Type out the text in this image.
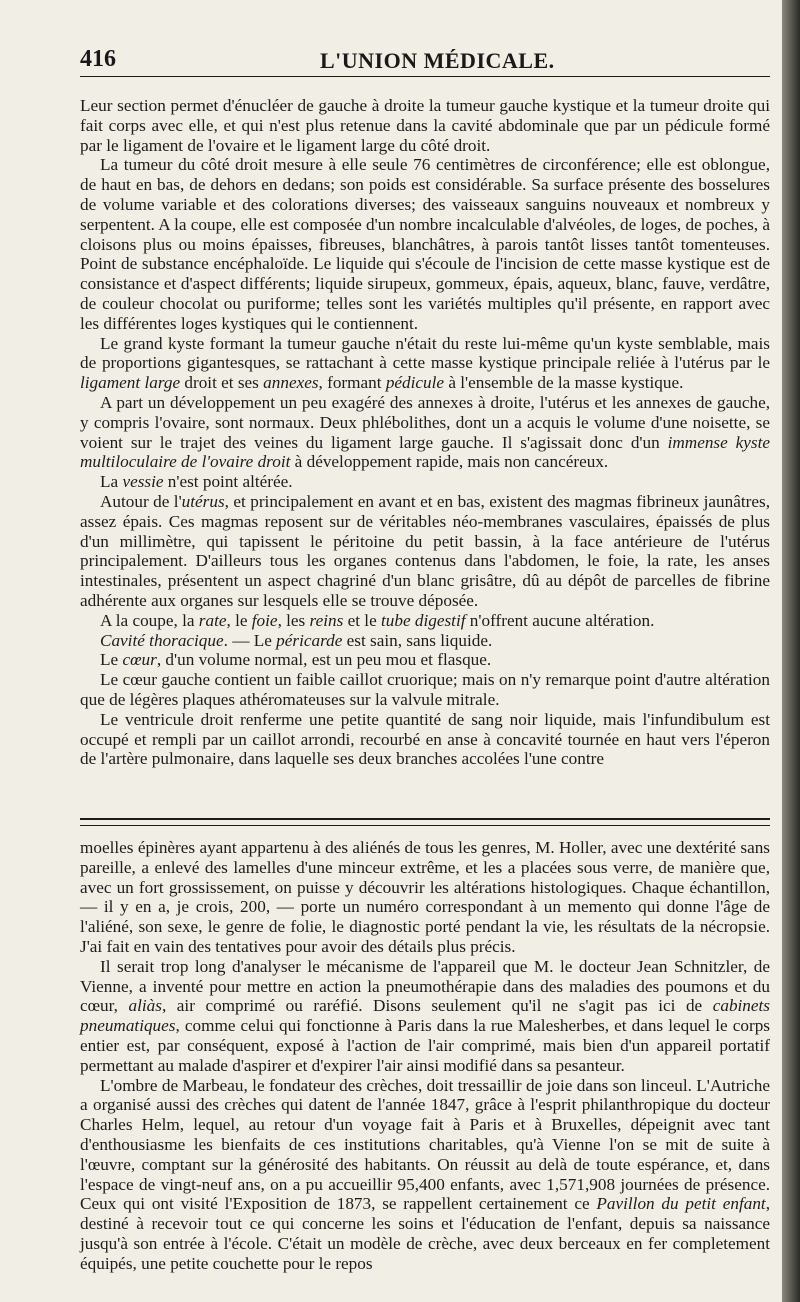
416	L'UNION MÉDICALE.

Leur section permet d'énucléer de gauche à droite la tumeur gauche kystique et la tumeur droite qui fait corps avec elle, et qui n'est plus retenue dans la cavité abdominale que par un pédicule formé par le ligament de l'ovaire et le ligament large du côté droit.

La tumeur du côté droit mesure à elle seule 76 centimètres de circonférence; elle est oblongue, de haut en bas, de dehors en dedans; son poids est considérable. Sa surface présente des bosselures de volume variable et des colorations diverses; des vaisseaux sanguins nouveaux et nombreux y serpentent. A la coupe, elle est composée d'un nombre incalculable d'alvéoles, de loges, de poches, à cloisons plus ou moins épaisses, fibreuses, blanchâtres, à parois tantôt lisses tantôt tomenteuses. Point de substance encéphaloïde. Le liquide qui s'écoule de l'incision de cette masse kystique est de consistance et d'aspect différents; liquide sirupeux, gommeux, épais, aqueux, blanc, fauve, verdâtre, de couleur chocolat ou puriforme; telles sont les variétés multiples qu'il présente, en rapport avec les différentes loges kystiques qui le contiennent.

Le grand kyste formant la tumeur gauche n'était du reste lui-même qu'un kyste semblable, mais de proportions gigantesques, se rattachant à cette masse kystique principale reliée à l'utérus par le ligament large droit et ses annexes, formant pédicule à l'ensemble de la masse kystique.

A part un développement un peu exagéré des annexes à droite, l'utérus et les annexes de gauche, y compris l'ovaire, sont normaux. Deux phlébolithes, dont un a acquis le volume d'une noisette, se voient sur le trajet des veines du ligament large gauche. Il s'agissait donc d'un immense kyste multiloculaire de l'ovaire droit à développement rapide, mais non cancéreux.

La vessie n'est point altérée.

Autour de l'utérus, et principalement en avant et en bas, existent des magmas fibrineux jaunâtres, assez épais. Ces magmas reposent sur de véritables néo-membranes vasculaires, épaissés de plus d'un millimètre, qui tapissent le péritoine du petit bassin, à la face antérieure de l'utérus principalement. D'ailleurs tous les organes contenus dans l'abdomen, le foie, la rate, les anses intestinales, présentent un aspect chagriné d'un blanc grisâtre, dû au dépôt de parcelles de fibrine adhérente aux organes sur lesquels elle se trouve déposée.

A la coupe, la rate, le foie, les reins et le tube digestif n'offrent aucune altération.

Cavité thoracique. — Le péricarde est sain, sans liquide.

Le cœur, d'un volume normal, est un peu mou et flasque.

Le cœur gauche contient un faible caillot cruorique; mais on n'y remarque point d'autre altération que de légères plaques athéromateuses sur la valvule mitrale.

Le ventricule droit renferme une petite quantité de sang noir liquide, mais l'infundibulum est occupé et rempli par un caillot arrondi, recourbé en anse à concavité tournée en haut vers l'éperon de l'artère pulmonaire, dans laquelle ses deux branches accolées l'une contre

moelles épinères ayant appartenu à des aliénés de tous les genres, M. Holler, avec une dextérité sans pareille, a enlevé des lamelles d'une minceur extrême, et les a placées sous verre, de manière que, avec un fort grossissement, on puisse y découvrir les altérations histologiques. Chaque échantillon, — il y en a, je crois, 200, — porte un numéro correspondant à un memento qui donne l'âge de l'aliéné, son sexe, le genre de folie, le diagnostic porté pendant la vie, les résultats de la nécropsie. J'ai fait en vain des tentatives pour avoir des détails plus précis.

Il serait trop long d'analyser le mécanisme de l'appareil que M. le docteur Jean Schnitzler, de Vienne, a inventé pour mettre en action la pneumothérapie dans des maladies des poumons et du cœur, aliàs, air comprimé ou raréfié. Disons seulement qu'il ne s'agit pas ici de cabinets pneumatiques, comme celui qui fonctionne à Paris dans la rue Malesherbes, et dans lequel le corps entier est, par conséquent, exposé à l'action de l'air comprimé, mais bien d'un appareil portatif permettant au malade d'aspirer et d'expirer l'air ainsi modifié dans sa pesanteur.

L'ombre de Marbeau, le fondateur des crèches, doit tressaillir de joie dans son linceul. L'Autriche a organisé aussi des crèches qui datent de l'année 1847, grâce à l'esprit philanthropique du docteur Charles Helm, lequel, au retour d'un voyage fait à Paris et à Bruxelles, dépeignit avec tant d'enthousiasme les bienfaits de ces institutions charitables, qu'à Vienne l'on se mit de suite à l'œuvre, comptant sur la générosité des habitants. On réussit au delà de toute espérance, et, dans l'espace de vingt-neuf ans, on a pu accueillir 95,400 enfants, avec 1,571,908 journées de présence. Ceux qui ont visité l'Exposition de 1873, se rappellent certainement ce Pavillon du petit enfant, destiné à recevoir tout ce qui concerne les soins et l'éducation de l'enfant, depuis sa naissance jusqu'à son entrée à l'école. C'était un modèle de crèche, avec deux berceaux en fer completement équipés, une petite couchette pour le repos
